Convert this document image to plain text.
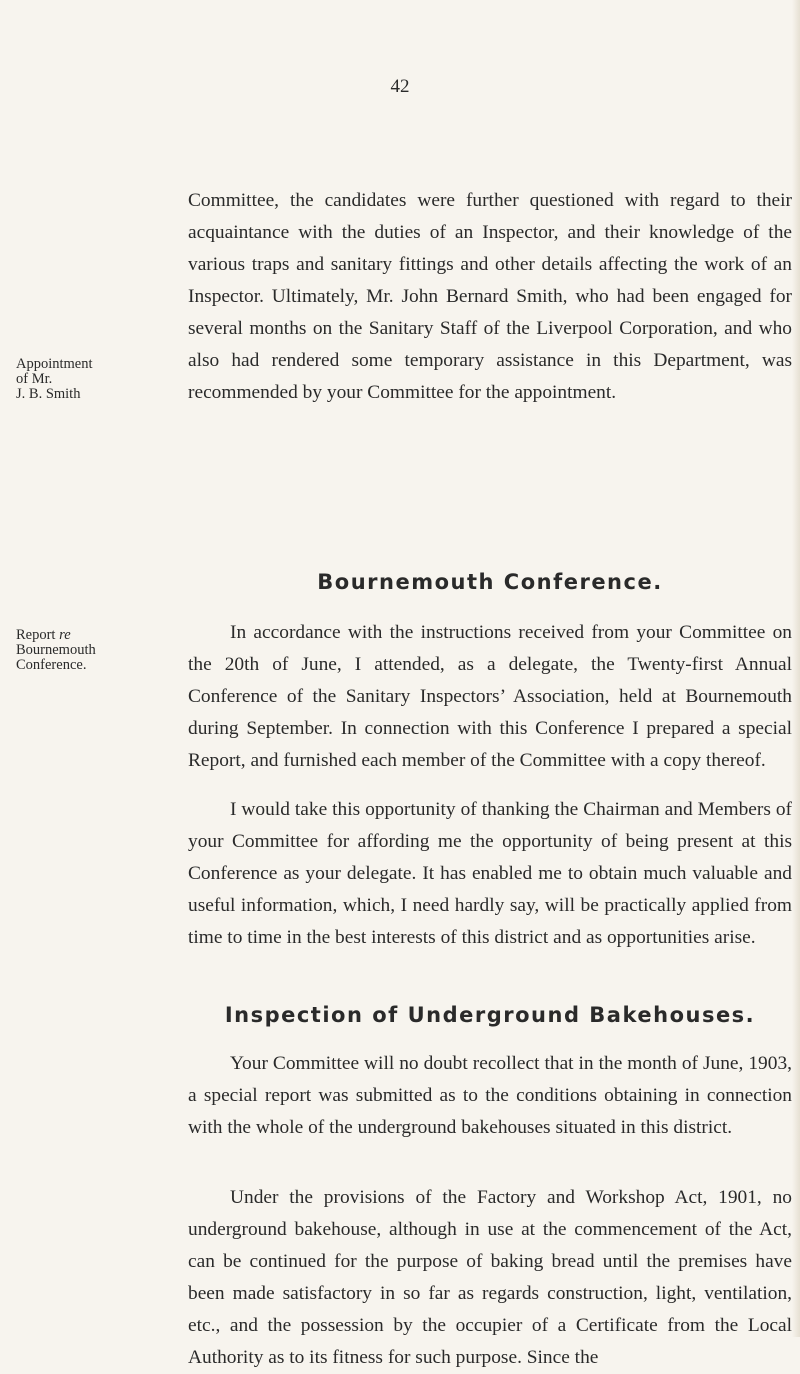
42
Appointment
of Mr.
J. B. Smith

Committee, the candidates were further questioned with regard to their acquaintance with the duties of an Inspector, and their knowledge of the various traps and sanitary fittings and other details affecting the work of an Inspector. Ultimately, Mr. John Bernard Smith, who had been engaged for several months on the Sanitary Staff of the Liverpool Corporation, and who also had rendered some temporary assistance in this Department, was recommended by your Committee for the appointment.

Bournemouth Conference.
Report re
Bournemouth
Conference.

In accordance with the instructions received from your Committee on the 20th of June, I attended, as a delegate, the Twenty-first Annual Conference of the Sanitary Inspectors’ Association, held at Bournemouth during September. In connection with this Conference I prepared a special Report, and furnished each member of the Committee with a copy thereof.

I would take this opportunity of thanking the Chairman and Members of your Committee for affording me the opportunity of being present at this Conference as your delegate. It has enabled me to obtain much valuable and useful information, which, I need hardly say, will be practically applied from time to time in the best interests of this district and as opportunities arise.

Inspection of Underground Bakehouses.

Your Committee will no doubt recollect that in the month of June, 1903, a special report was submitted as to the conditions obtaining in connection with the whole of the underground bakehouses situated in this district.

Under the provisions of the Factory and Workshop Act, 1901, no underground bakehouse, although in use at the commencement of the Act, can be continued for the purpose of baking bread until the premises have been made satisfactory in so far as regards construction, light, ventilation, etc., and the possession by the occupier of a Certificate from the Local Authority as to its fitness for such purpose. Since the
